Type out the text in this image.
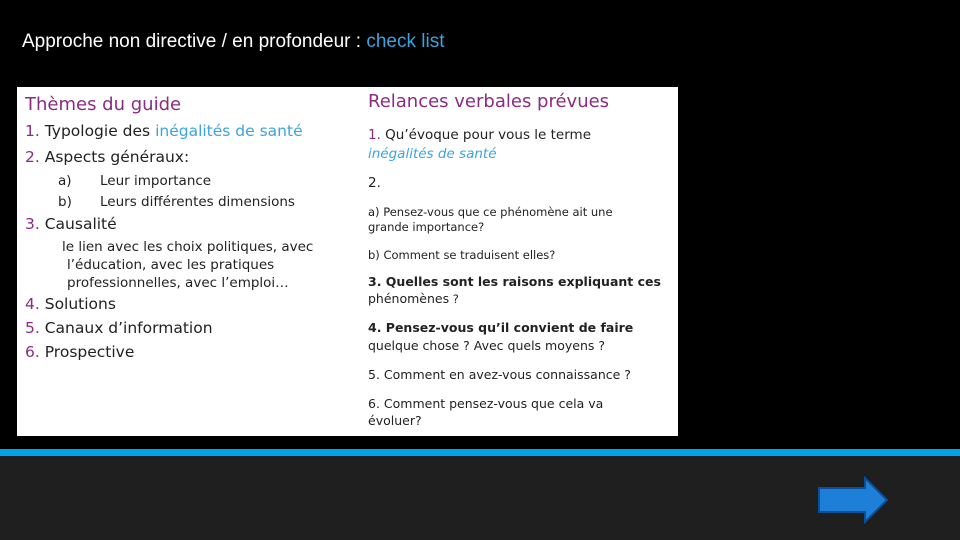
Approche non directive / en profondeur : check list
Thèmes du guide
1. Typologie des inégalités de santé
2. Aspects généraux:
a) Leur importance
b) Leurs différentes dimensions
3. Causalité
le lien avec les choix politiques, avec
l’éducation, avec les pratiques
professionnelles, avec l’emploi…
4. Solutions
5. Canaux d’information
6. Prospective
Relances verbales prévues
1. Qu’évoque pour vous le terme
inégalités de santé
2.
a) Pensez-vous que ce phénomène ait une
grande importance?
b) Comment se traduisent elles?
3. Quelles sont les raisons expliquant ces
phénomènes ?
4. Pensez-vous qu’il convient de faire
quelque chose ? Avec quels moyens ?
5. Comment en avez-vous connaissance ?
6. Comment pensez-vous que cela va
évoluer?
